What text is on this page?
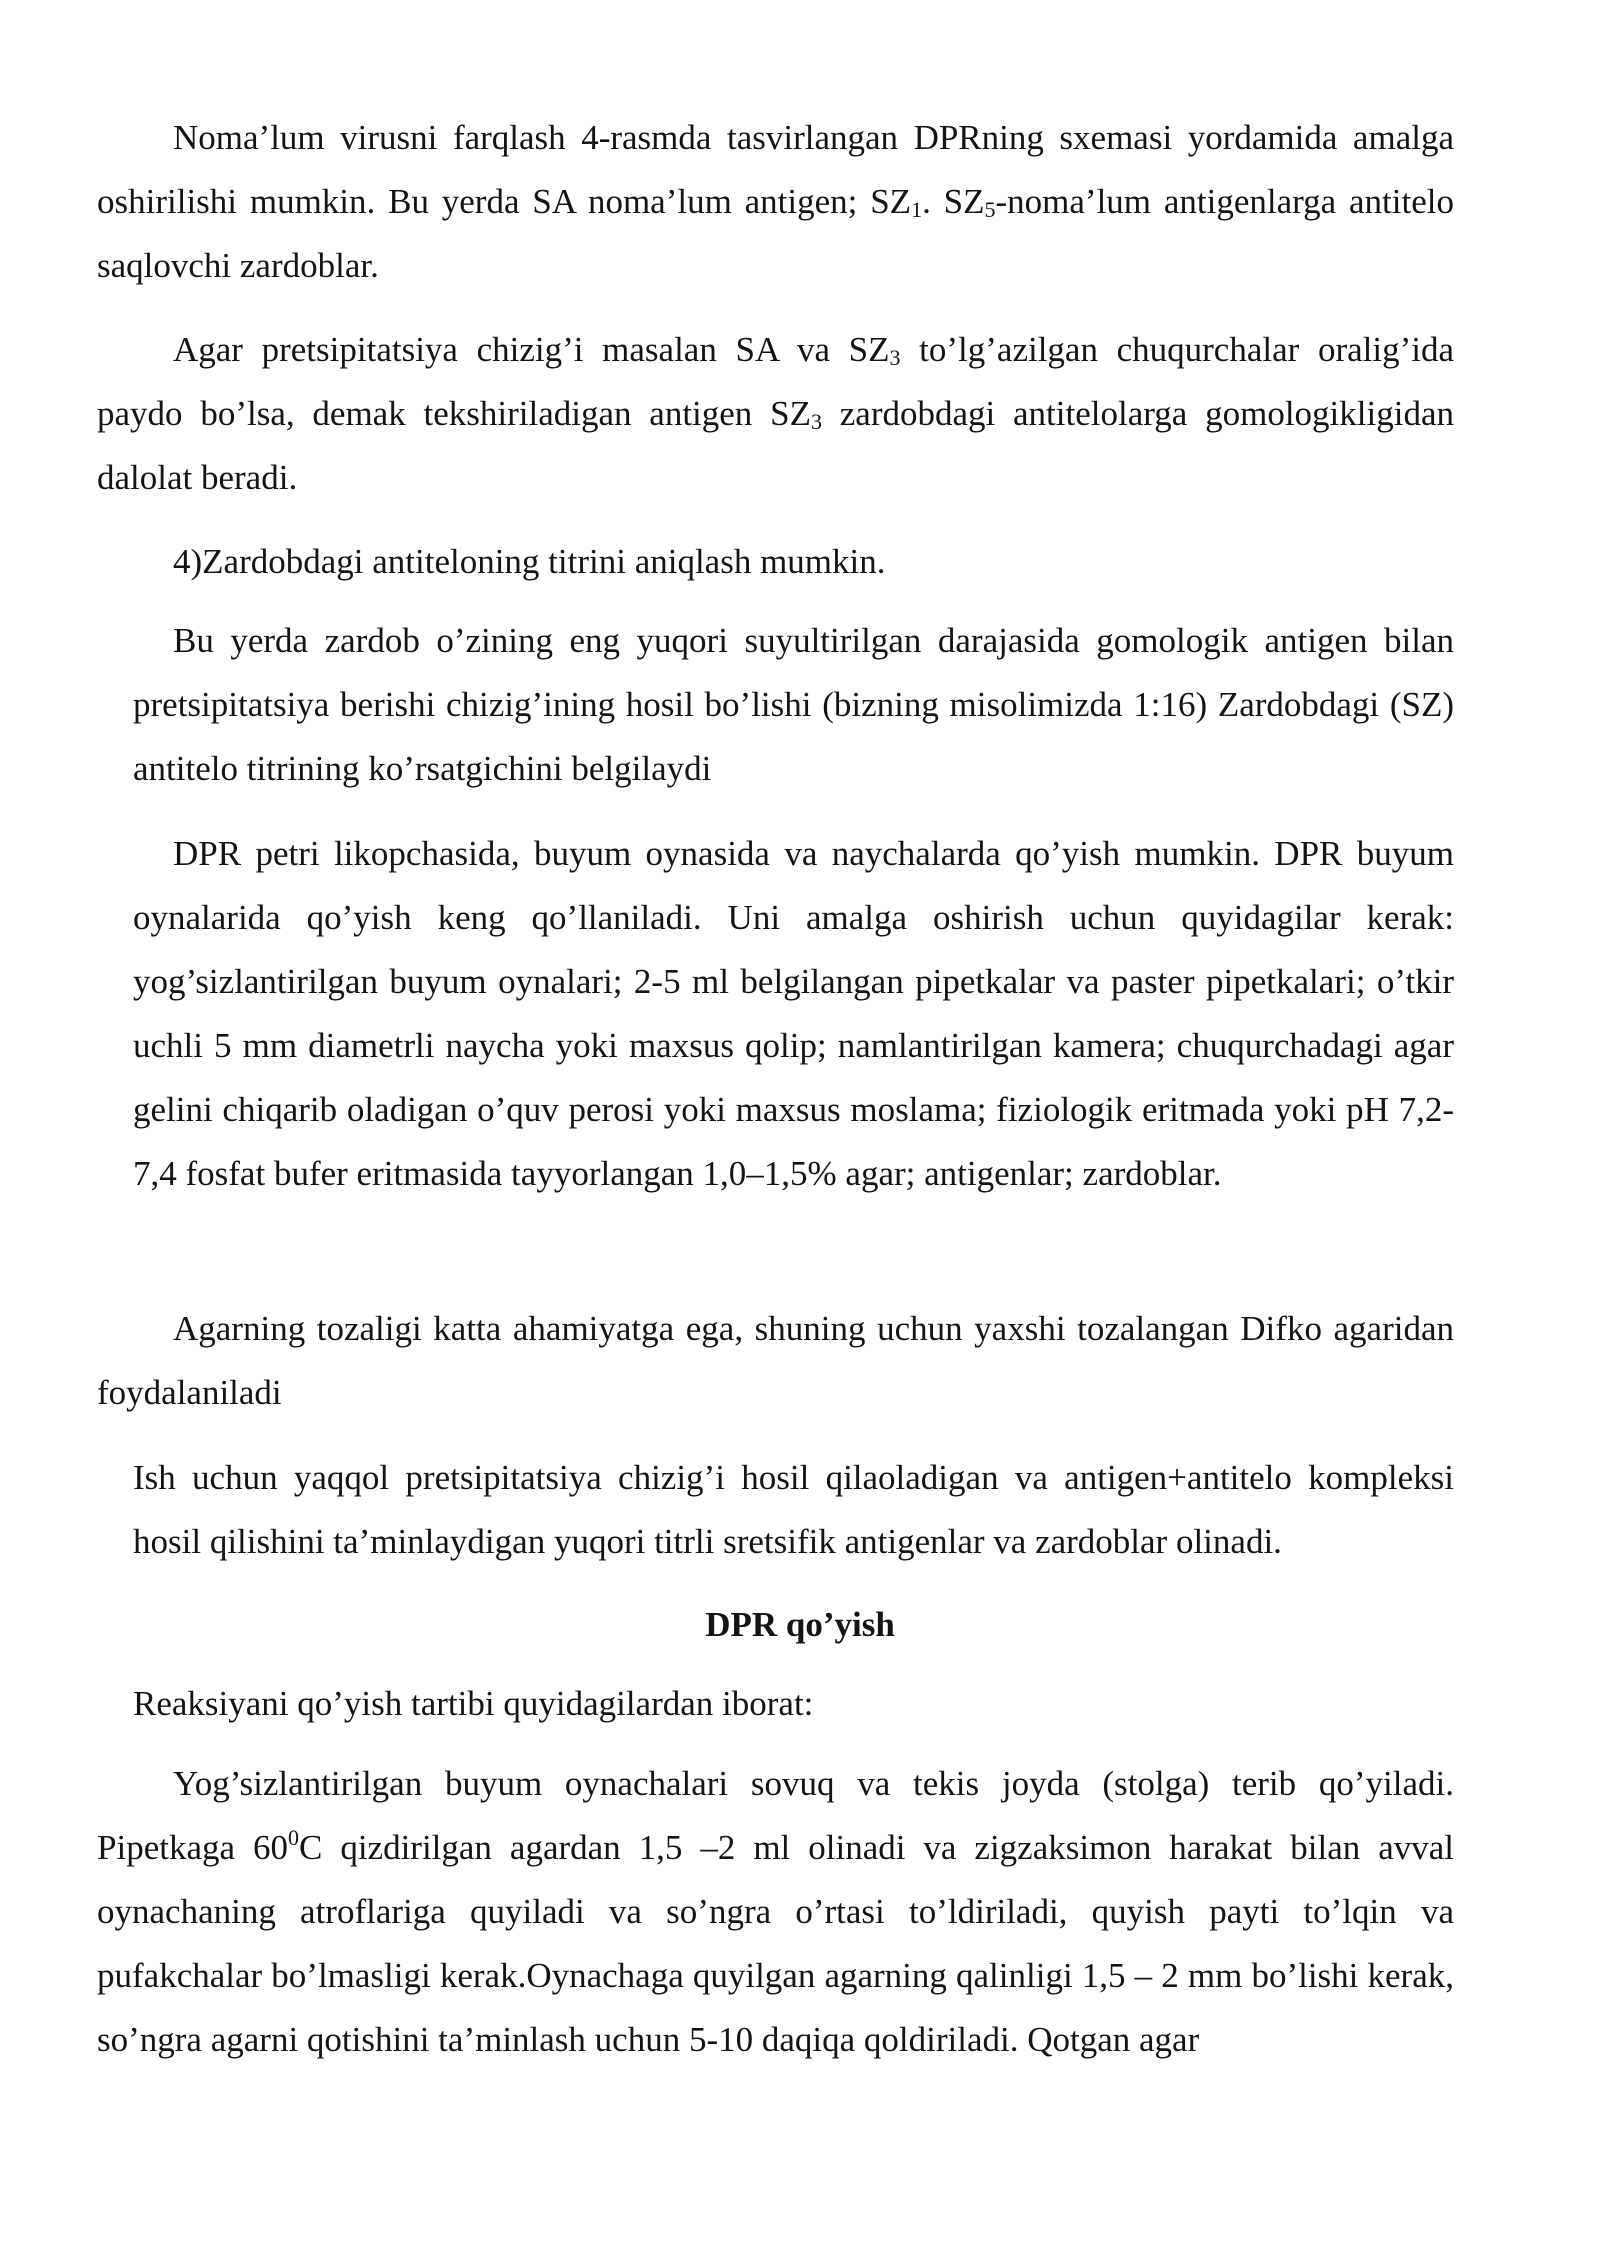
Noma’lum virusni farqlash 4-rasmda tasvirlangan DPRning sxemasi yordamida amalga oshirilishi mumkin. Bu yerda SA noma’lum antigen; $SZ_1$. $SZ_5-noma’lum$ antigenlarga antitelo saqlovchi zardoblar.

Agar pretsipitatsiya chizig’i masalan SA va $SZ_3$ to’lg’azilgan chuqurchalar oralig’ida paydo bo’lsa, demak tekshiriladigan antigen $SZ_3$ zardobdagi antitelolarga gomologikligidan dalolat beradi.

4)Zardobdagi antiteloning titrini aniqlash mumkin.

Bu yerda zardob o’zining eng yuqori suyultirilgan darajasida gomologik antigen bilan pretsipitatsiya berishi chizig’ining hosil bo’lishi (bizning misolimizda 1:16) Zardobdagi (SZ) antitelo titrining ko’rsatgichini belgilaydi

DPR petri likopchasida, buyum oynasida va naychalarda qo’yish mumkin. DPR buyum oynalarida qo’yish keng qo’llaniladi. Uni amalga oshirish uchun quyidagilar kerak: yog’sizlantirilgan buyum oynalari; 2-5 ml belgilangan pipetkalar va paster pipetkalari; o’tkir uchli 5 mm diametrli naycha yoki maxsus qolip; namlantirilgan kamera; chuqurchadagi agar gelini chiqarib oladigan o’quv perosi yoki maxsus moslama; fiziologik eritmada yoki pH 7,2-7,4 fosfat bufer eritmasida tayyorlangan 1,0–1,5% agar; antigenlar; zardoblar.

Agarning tozaligi katta ahamiyatga ega, shuning uchun yaxshi tozalangan Difko agaridan foydalaniladi

Ish uchun yaqqol pretsipitatsiya chizig’i hosil qilaoladigan va antigen+antitelo kompleksi hosil qilishini ta’minlaydigan yuqori titrli sretsifik antigenlar va zardoblar olinadi.

DPR qo’yish

Reaksiyani qo’yish tartibi quyidagilardan iborat:

Yog’sizlantirilgan buyum oynachalari sovuq va tekis joyda (stolga) terib qo’yiladi. Pipetkaga $60^0C$ qizdirilgan agardan 1,5 –2 ml olinadi va zigzaksimon harakat bilan avval oynachaning atroflariga quyiladi va so’ngra o’rtasi to’ldiriladi, quyish payti to’lqin va pufakchalar bo’lmasligi kerak.Oynachaga quyilgan agarning qalinligi 1,5 – 2 mm bo’lishi kerak, so’ngra agarni qotishini ta’minlash uchun 5-10 daqiqa qoldiriladi. Qotgan agar
